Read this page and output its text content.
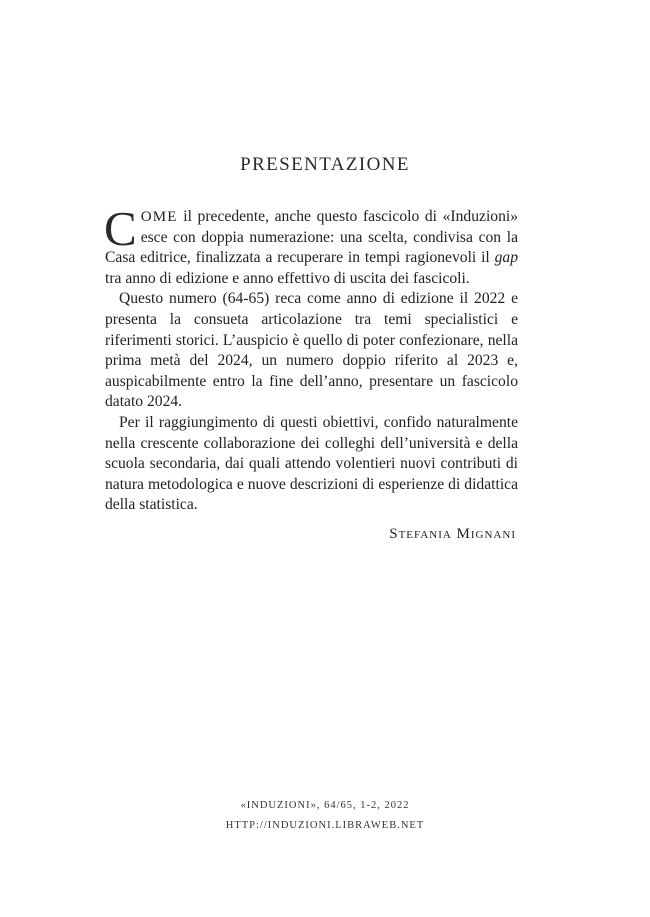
PRESENTAZIONE

COME il precedente, anche questo fascicolo di «Induzioni» esce con doppia numerazione: una scelta, condivisa con la Casa editrice, finalizzata a recuperare in tempi ragionevoli il gap tra anno di edizione e anno effettivo di uscita dei fascicoli.

Questo numero (64-65) reca come anno di edizione il 2022 e presenta la consueta articolazione tra temi specialistici e riferimenti storici. L’auspicio è quello di poter confezionare, nella prima metà del 2024, un numero doppio riferito al 2023 e, auspicabilmente entro la fine dell’anno, presentare un fascicolo datato 2024.

Per il raggiungimento di questi obiettivi, confido naturalmente nella crescente collaborazione dei colleghi dell’università e della scuola secondaria, dai quali attendo volentieri nuovi contributi di natura metodologica e nuove descrizioni di esperienze di didattica della statistica.

Stefania Mignani
«INDUZIONI», 64/65, 1-2, 2022
HTTP://INDUZIONI.LIBRAWEB.NET
